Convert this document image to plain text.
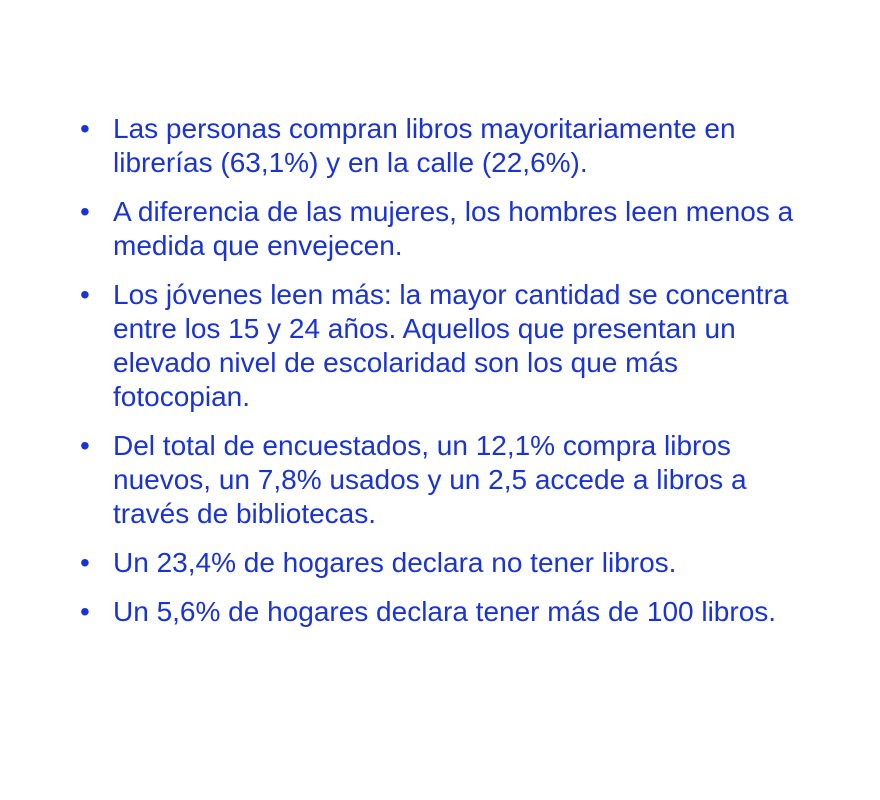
• Las personas compran libros mayoritariamente en librerías (63,1%) y en la calle (22,6%).
• A diferencia de las mujeres, los hombres leen menos a medida que envejecen.
• Los jóvenes leen más: la mayor cantidad se concentra entre los 15 y 24 años. Aquellos que presentan un elevado nivel de escolaridad son los que más fotocopian.
• Del total de encuestados, un 12,1% compra libros nuevos, un 7,8% usados y un 2,5 accede a libros a través de bibliotecas.
• Un 23,4% de hogares declara no tener libros.
• Un 5,6% de hogares declara tener más de 100 libros.
